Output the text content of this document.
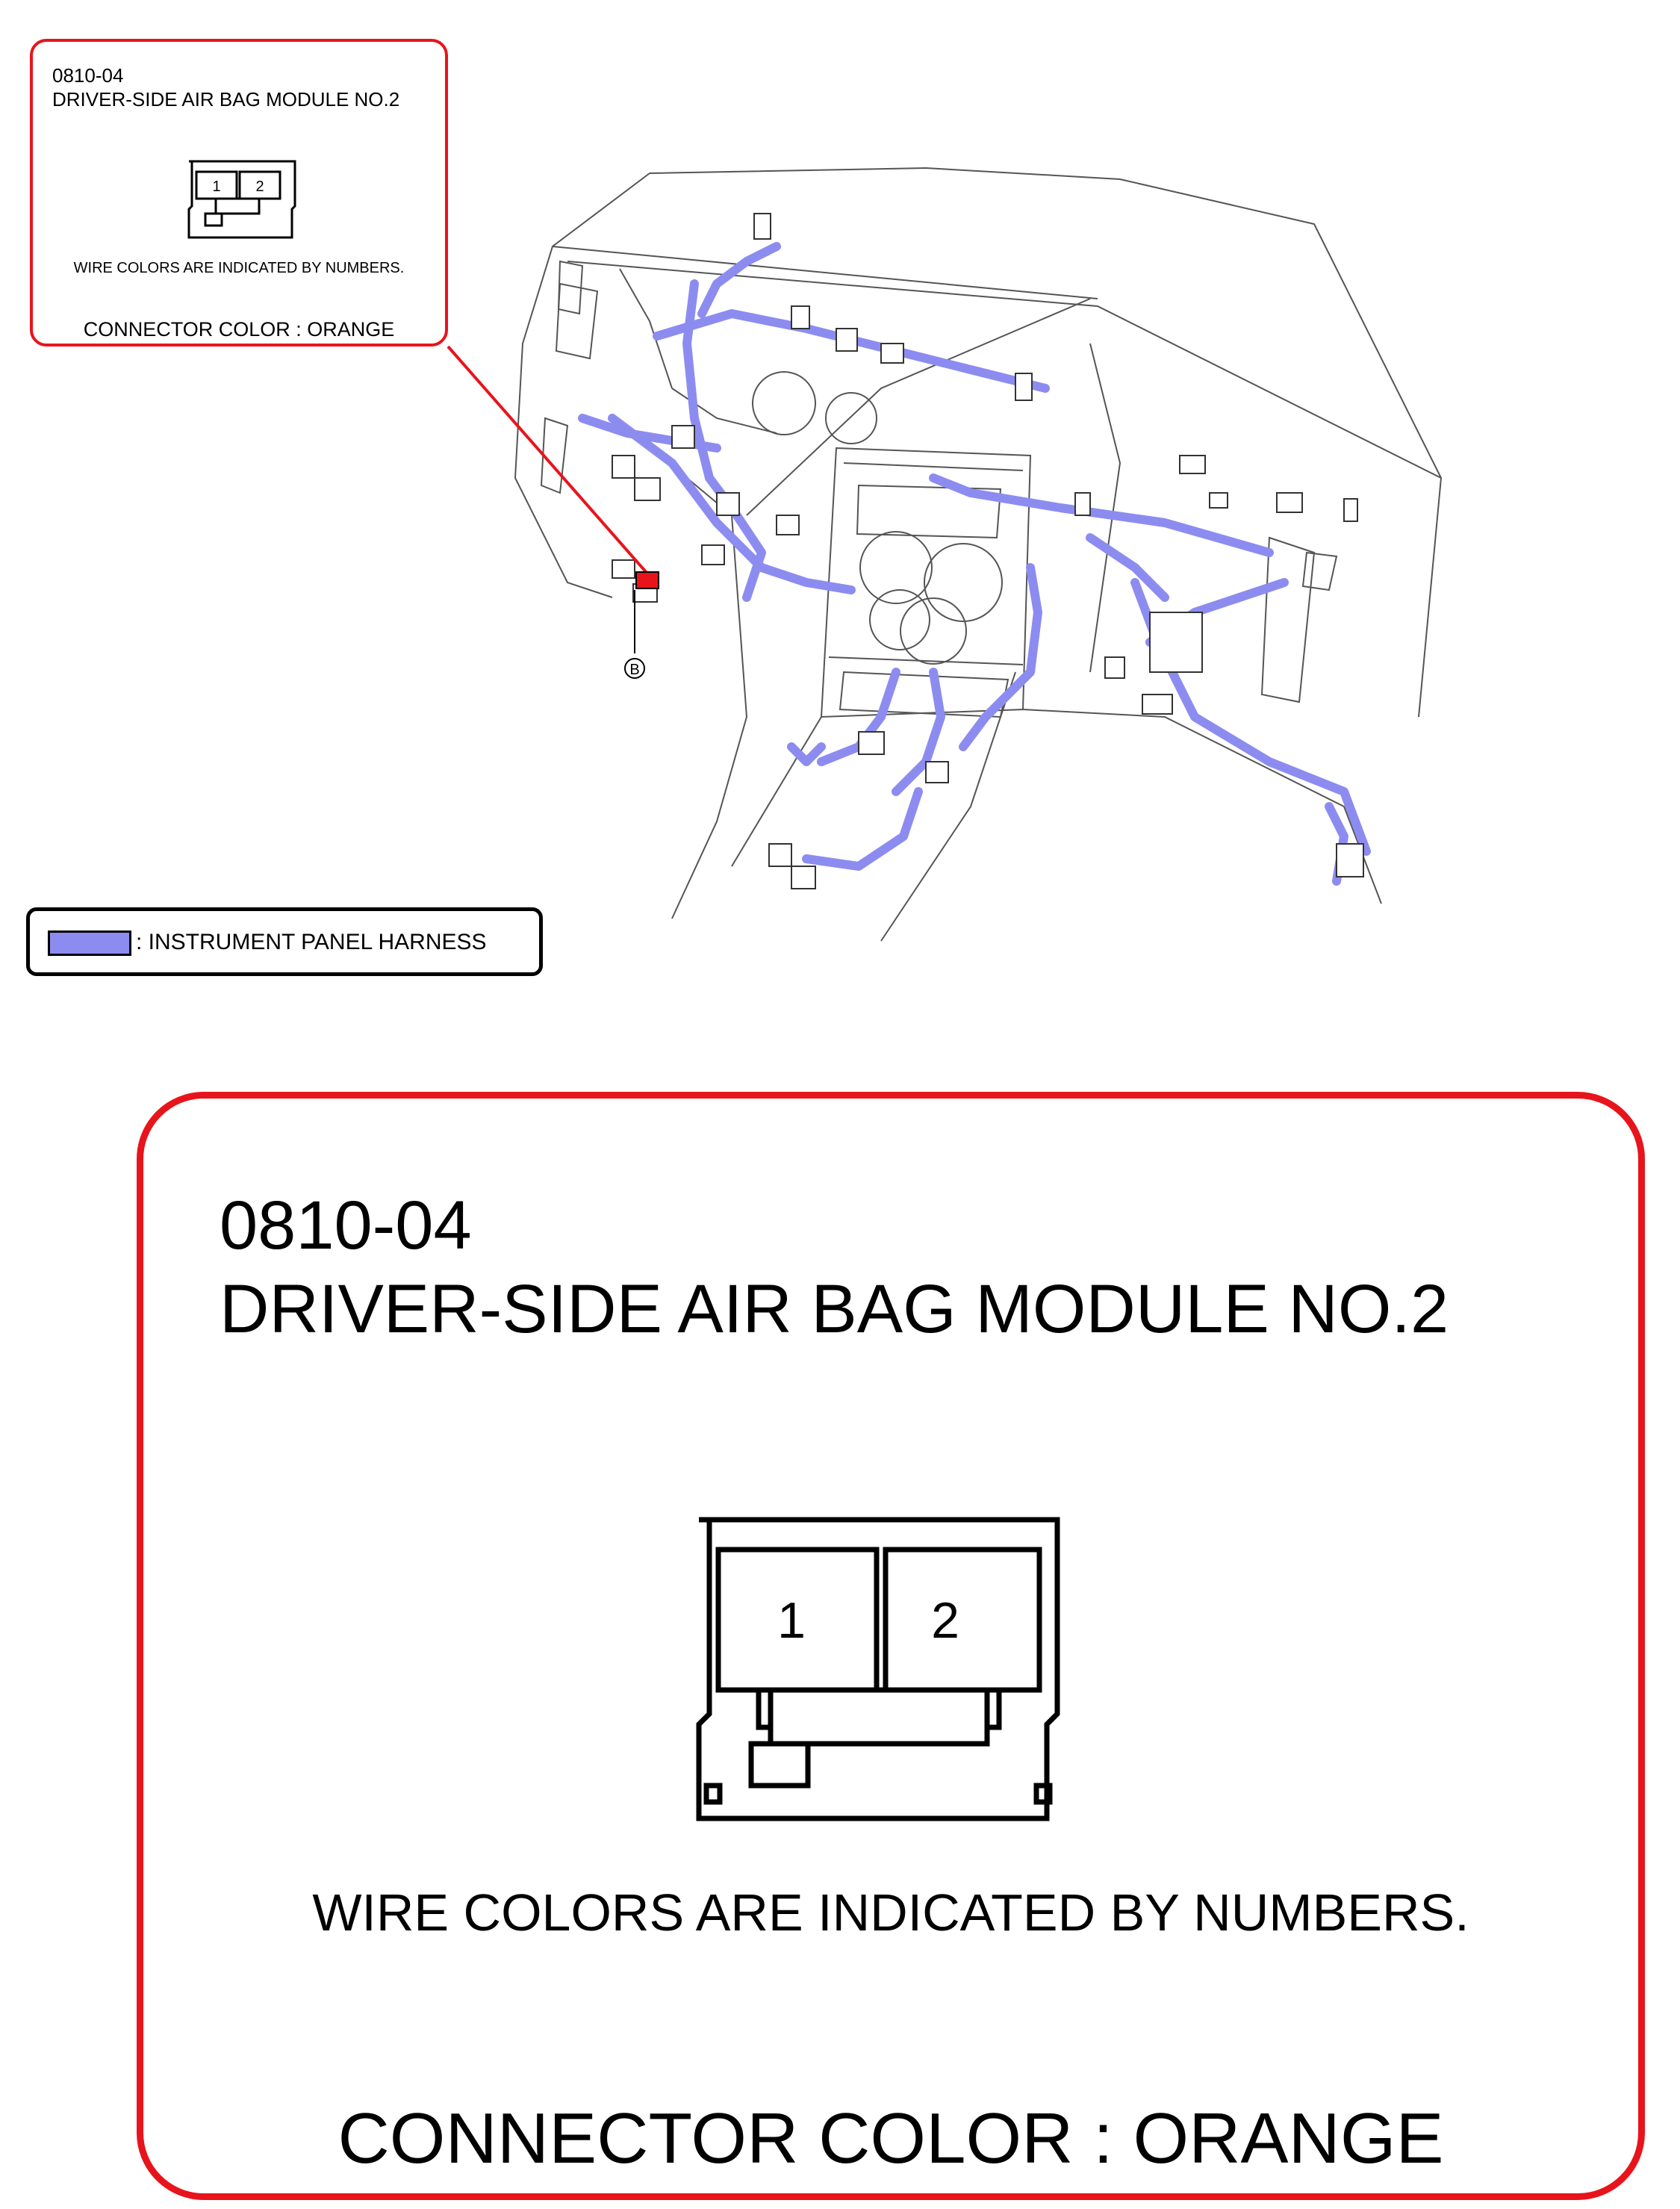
B
0810-04
DRIVER-SIDE AIR BAG MODULE NO.2
1 2
WIRE COLORS ARE INDICATED BY NUMBERS.
CONNECTOR COLOR : ORANGE
: INSTRUMENT PANEL HARNESS
0810-04
DRIVER-SIDE AIR BAG MODULE NO.2
1 2
WIRE COLORS ARE INDICATED BY NUMBERS.
CONNECTOR COLOR : ORANGE
